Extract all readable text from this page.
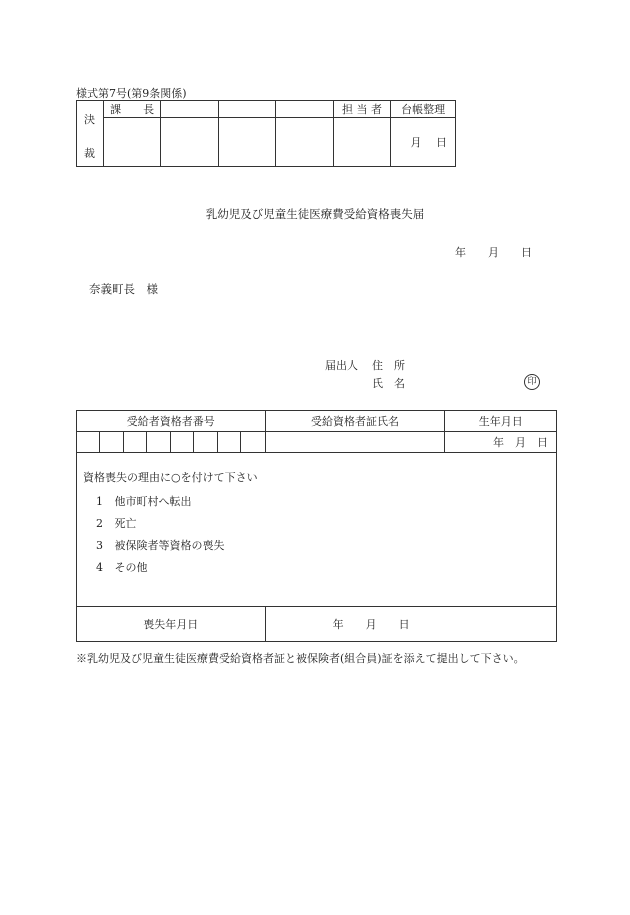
様式第7号(第9条関係)
決
裁	課　　長				担 当 者	台帳整理
						月　 日
乳幼児及び児童生徒医療費受給資格喪失届
年　　月　　日
奈義町長　様
届出人 住　所
氏　名	印
受給者資格者番号								受給資格者証氏名	生年月日
									年　月　日

資格喪失の理由に○を付けて下さい
1 他市町村へ転出
2 死亡
3 被保険者等資格の喪失
4 その他									

喪失年月日								年　　月　　日	
※乳幼児及び児童生徒医療費受給資格者証と被保険者(組合員)証を添えて提出して下さい。
